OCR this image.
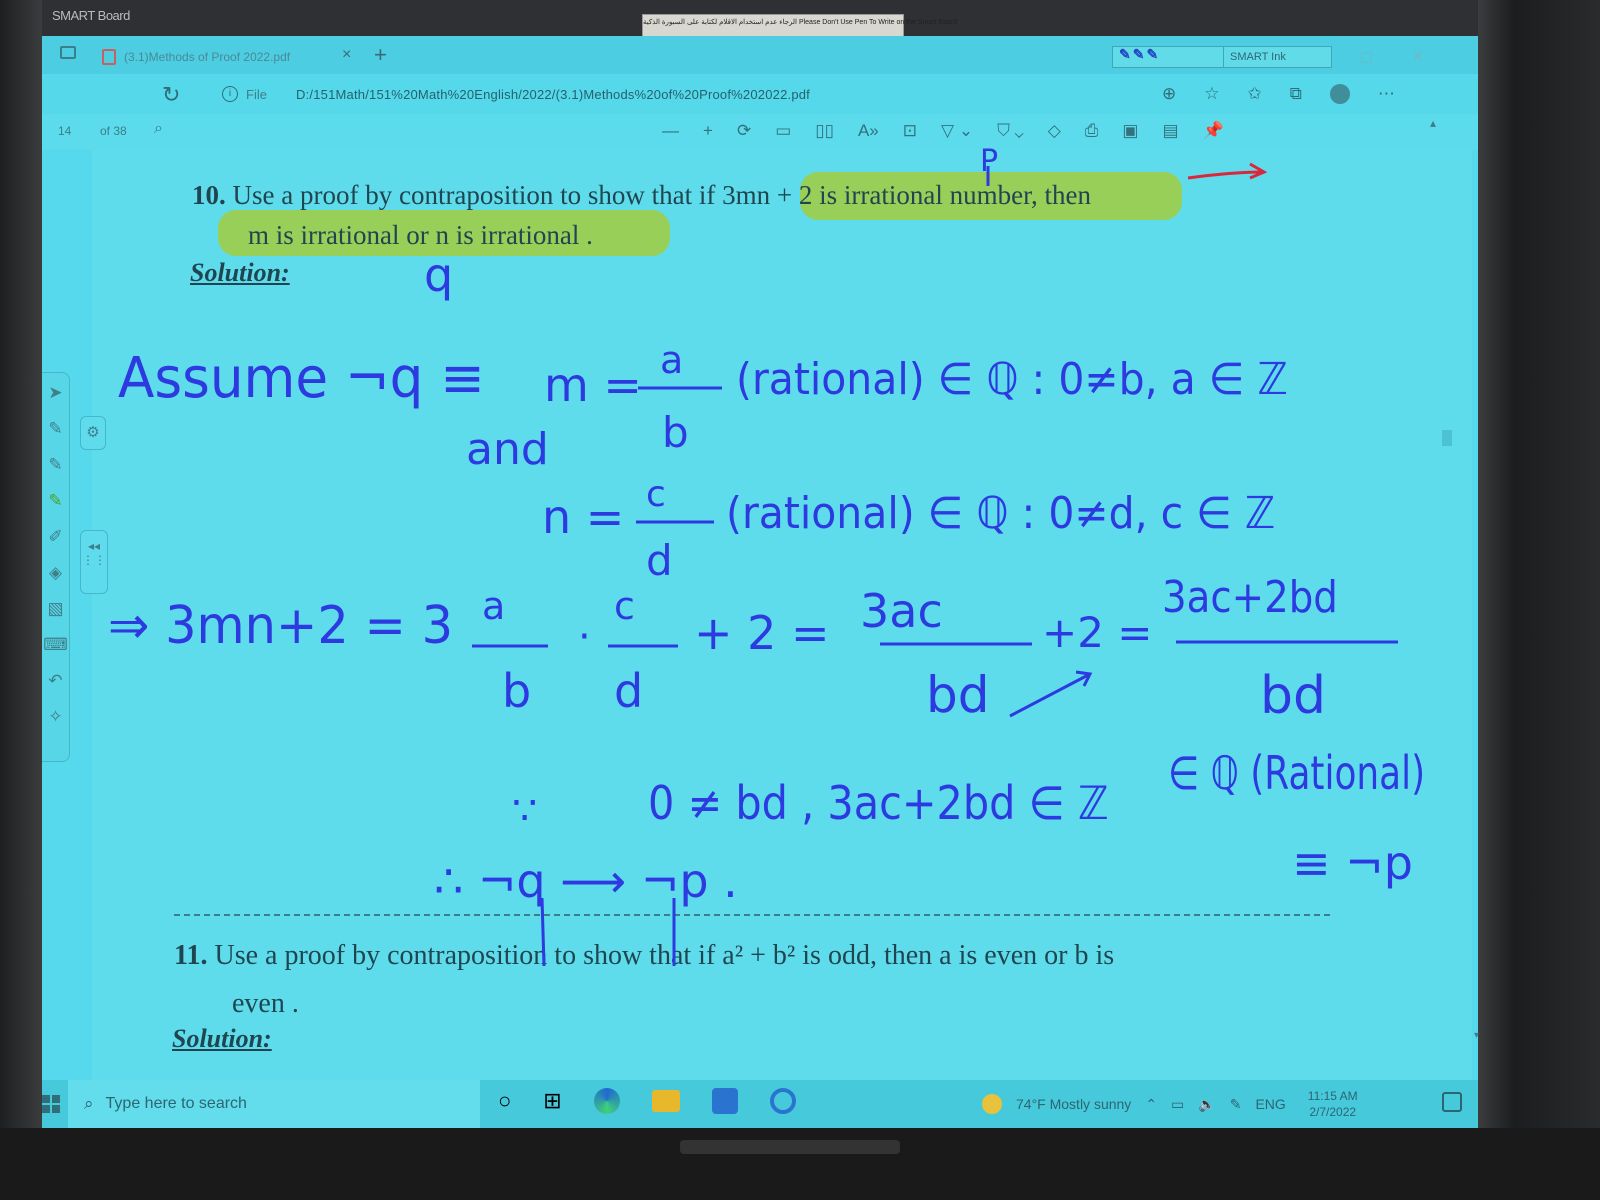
SMART Board	الرجاء عدم استخدام الاقلام لكتابة على السبورة الذكية Please Don't Use Pen To Write on the Smart Board
(3.1)Methods of Proof 2022.pdf	× +	✎✎✎	SMART Ink	▢	✕
↻	i	File D:/151Math/151%20Math%20English/2022/(3.1)Methods%20of%20Proof%202022.pdf	⊕ ☆ ✩ ⧉	⋯
14 of 38 ⌕	— + ⟳ ▭ ▯▯ A» ⊡ ▽ ⌄ ⛉ ⌄ ◇ ⎙ ▣ ▤ 📌
10. Use a proof by contraposition to show that if 3mn + 2 is irrational number, then
m is irrational or n is irrational .
Solution:
11. Use a proof by contraposition to show that if a² + b² is odd, then a is even or b is
even .
Solution:
P
q
Assume ¬q ≡ m = a
b
(rational) ∈ ℚ : 0≠b, a ∈ ℤ
and
n = c
d
(rational) ∈ ℚ : 0≠d, c ∈ ℤ
⇒ 3mn+2 = 3 a
b
·
c
d
+ 2 = 3ac
bd
+2 =
3ac+2bd
bd
∈ ℚ (Rational)
≡ ¬p
∵ 0 ≠ bd , 3ac+2bd ∈ ℤ
∴ ¬q ⟶ ¬p .
➤
✎
✎
✎
✐
◈
▧
⌨
↶
✧
⚙
◂◂
⋮⋮
▴
▾
⌕ Type here to search	○ ⊞	74°F Mostly sunny ⌃ ▭ 🔈 ✎ ENG 11:15 AM
2/7/2022
